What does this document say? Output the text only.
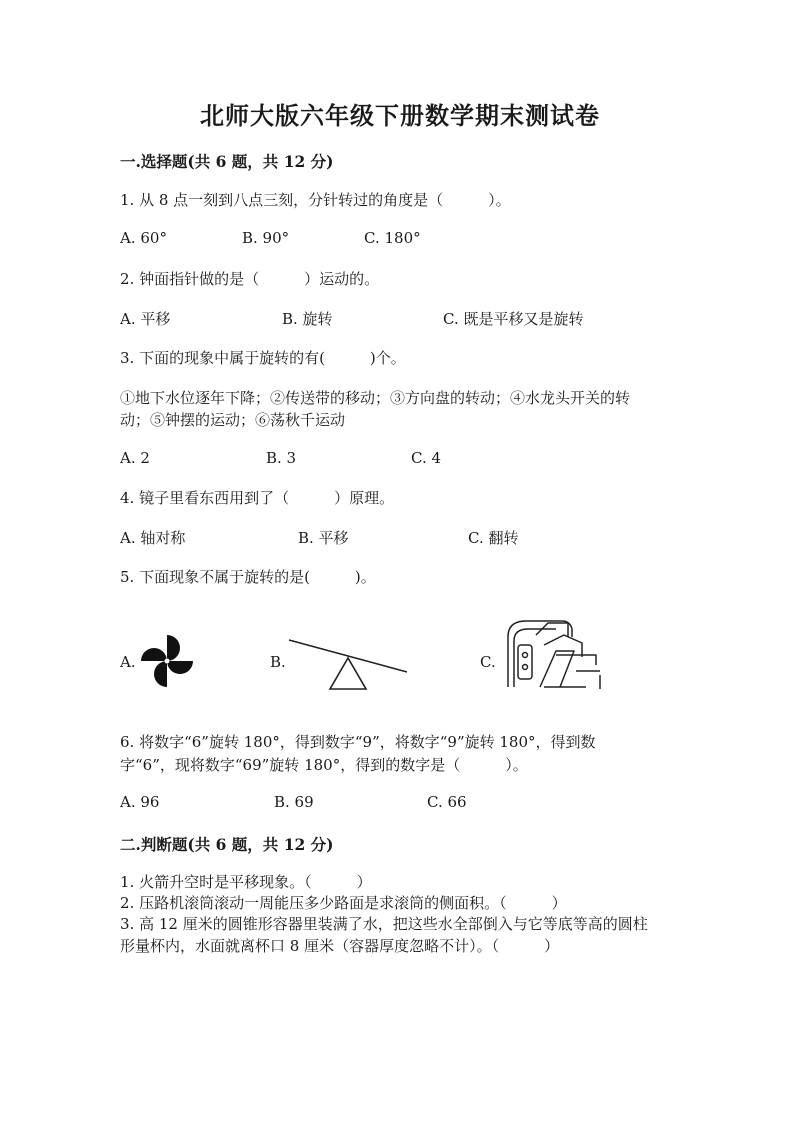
北师大版六年级下册数学期末测试卷
一.选择题(共 6 题，共 12 分)
1. 从 8 点一刻到八点三刻，分针转过的角度是（　　　）。
A. 60°	B. 90°	C. 180°
2. 钟面指针做的是（　　　）运动的。
A. 平移	B. 旋转	C. 既是平移又是旋转
3. 下面的现象中属于旋转的有(　　　)个。
①地下水位逐年下降；②传送带的移动；③方向盘的转动；④水龙头开关的转
动；⑤钟摆的运动；⑥荡秋千运动
A. 2	B. 3	C. 4
4. 镜子里看东西用到了（　　　）原理。
A. 轴对称	B. 平移	C. 翻转
5. 下面现象不属于旋转的是(　　　)。
A.	B.	C.
6. 将数字“6”旋转 180°，得到数字“9”，将数字“9”旋转 180°，得到数
字“6”，现将数字“69”旋转 180°，得到的数字是（　　　）。
A. 96	B. 69	C. 66
二.判断题(共 6 题，共 12 分)
1. 火箭升空时是平移现象。（　　　）
2. 压路机滚筒滚动一周能压多少路面是求滚筒的侧面积。（　　　）
3. 高 12 厘米的圆锥形容器里装满了水，把这些水全部倒入与它等底等高的圆柱
形量杯内，水面就离杯口 8 厘米（容器厚度忽略不计）。（　　　）
